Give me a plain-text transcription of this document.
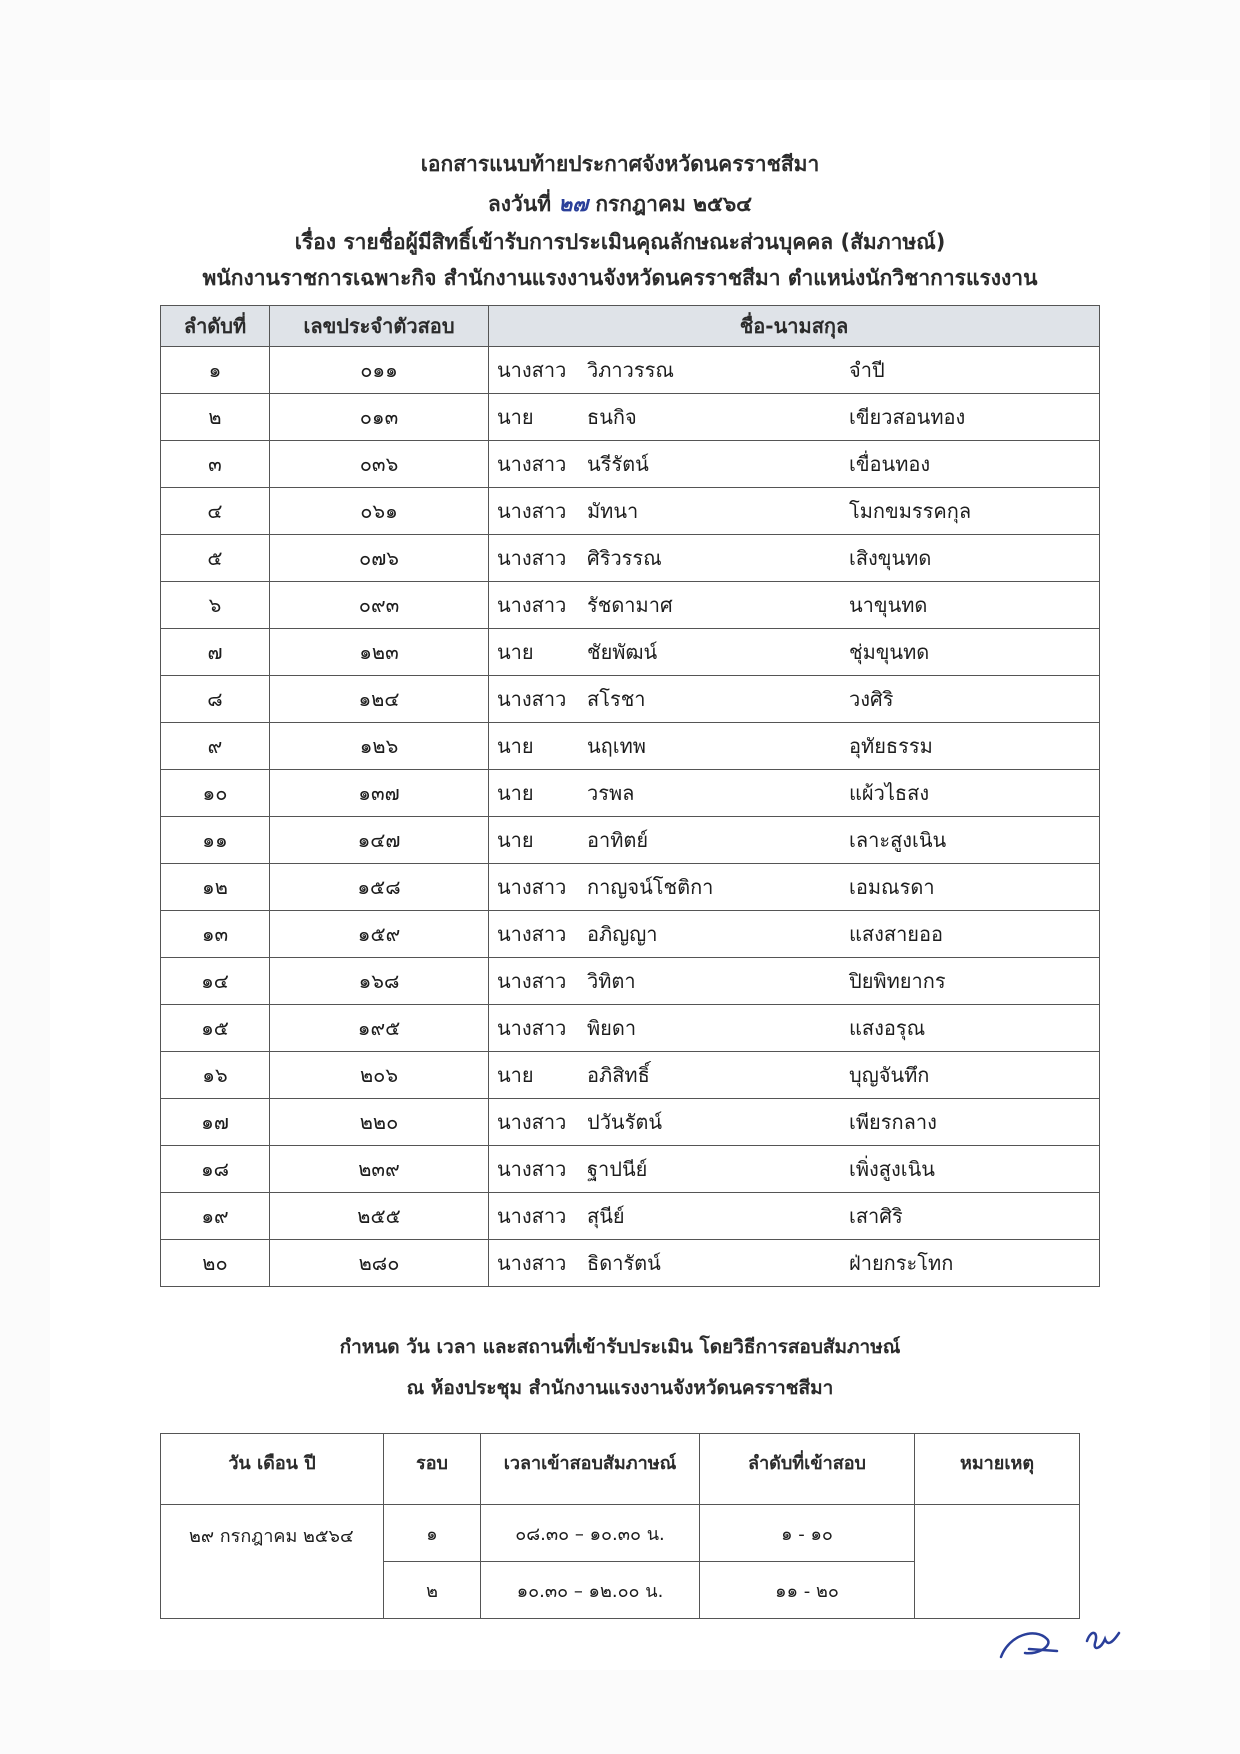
เอกสารแนบท้ายประกาศจังหวัดนครราชสีมา
ลงวันที่ ๒๗ กรกฎาคม ๒๕๖๔
เรื่อง รายชื่อผู้มีสิทธิ์เข้ารับการประเมินคุณลักษณะส่วนบุคคล (สัมภาษณ์)
พนักงานราชการเฉพาะกิจ สำนักงานแรงงานจังหวัดนครราชสีมา ตำแหน่งนักวิชาการแรงงาน
ลำดับที่	เลขประจำตัวสอบ	ชื่อ-นามสกุล
๑	๐๑๑	นางสาว วิภาวรรณ จำปี
๒	๐๑๓	นาย ธนกิจ เขียวสอนทอง
๓	๐๓๖	นางสาว นรีรัตน์ เขื่อนทอง
๔	๐๖๑	นางสาว มัทนา โมกขมรรคกุล
๕	๐๗๖	นางสาว ศิริวรรณ เสิงขุนทด
๖	๐๙๓	นางสาว รัชดามาศ นาขุนทด
๗	๑๒๓	นาย ชัยพัฒน์ ชุ่มขุนทด
๘	๑๒๔	นางสาว สโรชา วงศิริ
๙	๑๒๖	นาย นฤเทพ อุทัยธรรม
๑๐	๑๓๗	นาย วรพล แผ้วไธสง
๑๑	๑๔๗	นาย อาทิตย์ เลาะสูงเนิน
๑๒	๑๕๘	นางสาว กาญจน์โชติกา เอมณรดา
๑๓	๑๕๙	นางสาว อภิญญา แสงสายออ
๑๔	๑๖๘	นางสาว วิทิตา ปิยพิทยากร
๑๕	๑๙๕	นางสาว พิยดา แสงอรุณ
๑๖	๒๐๖	นาย อภิสิทธิ์ บุญจันทึก
๑๗	๒๒๐	นางสาว ปวันรัตน์ เพียรกลาง
๑๘	๒๓๙	นางสาว ฐาปนีย์ เพิ่งสูงเนิน
๑๙	๒๕๕	นางสาว สุนีย์ เสาศิริ
๒๐	๒๘๐	นางสาว ธิดารัตน์ ฝ่ายกระโทก
กำหนด วัน เวลา และสถานที่เข้ารับประเมิน โดยวิธีการสอบสัมภาษณ์
ณ ห้องประชุม สำนักงานแรงงานจังหวัดนครราชสีมา
วัน เดือน ปี	รอบ	เวลาเข้าสอบสัมภาษณ์	ลำดับที่เข้าสอบ	หมายเหตุ
๒๙ กรกฎาคม ๒๕๖๔	๑	๐๘.๓๐ – ๑๐.๓๐ น.	๑ - ๑๐	
	๒	๑๐.๓๐ – ๑๒.๐๐ น.	๑๑ - ๒๐	
